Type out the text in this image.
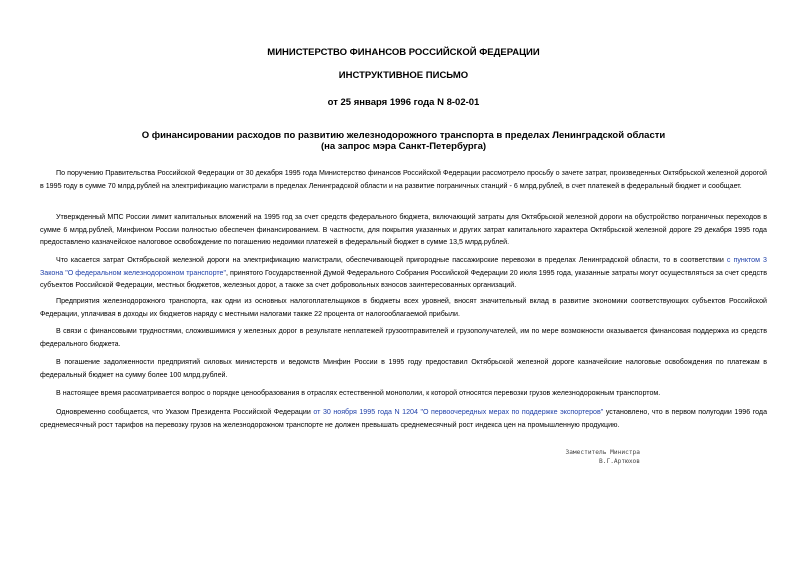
МИНИСТЕРСТВО ФИНАНСОВ РОССИЙСКОЙ ФЕДЕРАЦИИ
ИНСТРУКТИВНОЕ ПИСЬМО
от 25 января 1996 года N 8-02-01
О финансировании расходов по развитию железнодорожного транспорта в пределах Ленинградской области
(на запрос мэра Санкт-Петербурга)
По поручению Правительства Российской Федерации от 30 декабря 1995 года Министерство финансов Российской Федерации рассмотрело просьбу о зачете затрат, произведенных Октябрьской железной дорогой в 1995 году в сумме 70 млрд.рублей на электрификацию магистрали в пределах Ленинградской области и на развитие пограничных станций - 6 млрд.рублей, в счет платежей в федеральный бюджет и сообщает.
Утвержденный МПС России лимит капитальных вложений на 1995 год за счет средств федерального бюджета, включающий затраты для Октябрьской железной дороги на обустройство пограничных переходов в сумме 6 млрд.рублей, Минфином России полностью обеспечен финансированием. В частности, для покрытия указанных и других затрат капитального характера Октябрьской железной дороге 29 декабря 1995 года предоставлено казначейское налоговое освобождение по погашению недоимки платежей в федеральный бюджет в сумме 13,5 млрд.рублей.
Что касается затрат Октябрьской железной дороги на электрификацию магистрали, обеспечивающей пригородные пассажирские перевозки в пределах Ленинградской области, то в соответствии с пунктом 3 Закона "О федеральном железнодорожном транспорте", принятого Государственной Думой Федерального Собрания Российской Федерации 20 июля 1995 года, указанные затраты могут осуществляться за счет средств субъектов Российской Федерации, местных бюджетов, железных дорог, а также за счет добровольных взносов заинтересованных организаций.
Предприятия железнодорожного транспорта, как одни из основных налогоплательщиков в бюджеты всех уровней, вносят значительный вклад в развитие экономики соответствующих субъектов Российской Федерации, уплачивая в доходы их бюджетов наряду с местными налогами также 22 процента от налогооблагаемой прибыли.
В связи с финансовыми трудностями, сложившимися у железных дорог в результате неплатежей грузоотправителей и грузополучателей, им по мере возможности оказывается финансовая поддержка из средств федерального бюджета.
В погашение задолженности предприятий силовых министерств и ведомств Минфин России в 1995 году предоставил Октябрьской железной дороге казначейские налоговые освобождения по платежам в федеральный бюджет на сумму более 100 млрд.рублей.
В настоящее время рассматривается вопрос о порядке ценообразования в отраслях естественной монополии, к которой относятся перевозки грузов железнодорожным транспортом.
Одновременно сообщается, что Указом Президента Российской Федерации от 30 ноября 1995 года N 1204 "О первоочередных мерах по поддержке экспортеров" установлено, что в первом полугодии 1996 года среднемесячный рост тарифов на перевозку грузов на железнодорожном транспорте не должен превышать среднемесячный рост индекса цен на промышленную продукцию.
Заместитель Министра
В.Г.Артюхов
